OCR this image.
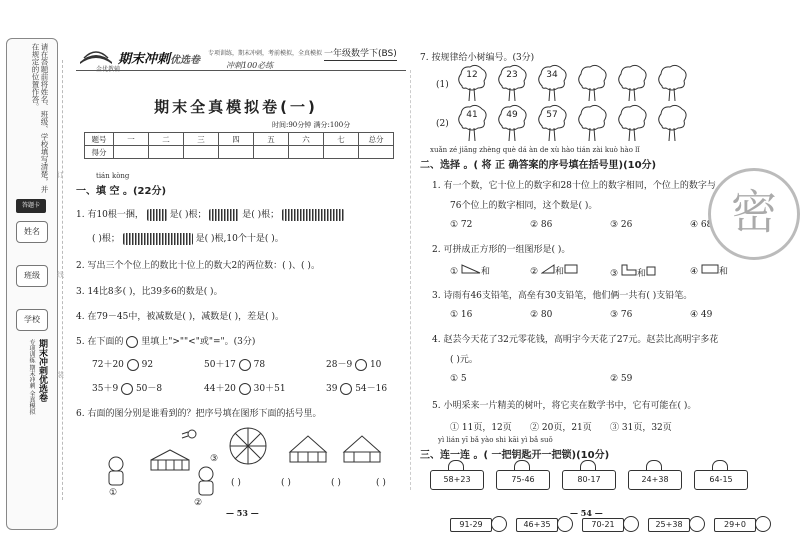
请在答题前将姓名、班级、学校填写清楚，并在规定的位置作答。
答题卡
姓名
班级
学校
期末冲刺优选卷
专项训练 期末冲刺 全真模拟
订
线
装
期末冲刺优选卷
金优教辅
专项训练，期末冲刺，考前模拟，全真模拟 一年级数学下(BS)
冲刺100必练
期末全真模拟卷(一)
时间:90分钟 满分:100分
题号	一	二	三	四	五	六	七	总分
得分								
tián kòng
一、填 空 。(22分)
1. 有10根一捆，	是( )根；	是( )根；
( )根；	是( )根,10个十是( )。
2. 写出三个个位上的数比十位上的数大2的两位数：( )、( )。
3. 14比8多( )，比39多6的数是( )。
4. 在79－45中，被减数是( )，减数是( )，差是( )。
5. 在下面的 里填上">""<"或"="。(3分)
72＋20 92	50＋17 78	28－9 10
35＋9 50－8	44＋20 30＋51	39 54－16
6. 右面的图分别是谁看到的？把序号填在图形下面的括号里。
①
③
②
( )	( )	( )	( )
— 53 —
7. 按规律给小树编号。(3分)
(1)
(2)
12	23	34
41	49	57
xuǎn zé jiāng zhèng què dá àn de xù hào tián zài kuò hào lǐ
二、选择 。( 将 正 确答案的序号填在括号里)(10分)
1. 有一个数，它十位上的数字和28十位上的数字相同，个位上的数字与
76个位上的数字相同，这个数是( )。
① 72	② 86	③ 26	④ 68
2. 可拼成正方形的一组图形是( )。
①	和	② 和	③ 和	④ 和
3. 诗雨有46支铅笔，高垒有30支铅笔，他们俩一共有( )支铅笔。
① 16	② 80	③ 76	④ 49
4. 赵芸今天花了32元零花钱，高明宇今天花了27元。赵芸比高明宇多花
( )元。
① 5	② 59
5. 小明采来一片精美的树叶，将它夹在数学书中，它有可能在( )。
① 11页，12页 ② 20页，21页 ③ 31页，32页
yì lián yī bǎ yào shi kāi yì bǎ suǒ
三、连一连 。( 一把钥匙开一把锁)(10分)
58+23	75-46	80-17	24+38	64-15
91-29	46+35	70-21	25+38	29+0
— 54 —
密
